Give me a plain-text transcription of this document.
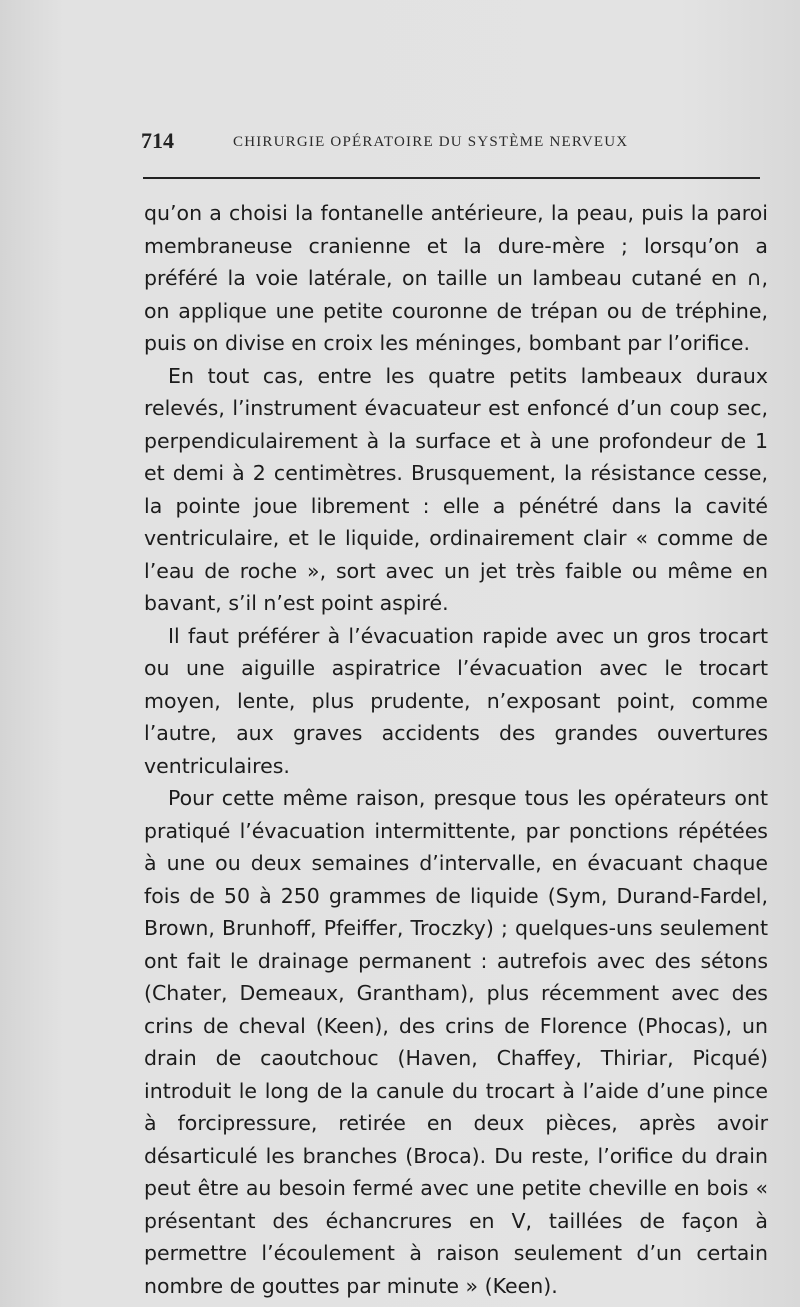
714	CHIRURGIE OPÉRATOIRE DU SYSTÈME NERVEUX

qu’on a choisi la fontanelle antérieure, la peau, puis la paroi membraneuse cranienne et la dure-mère ; lorsqu’on a préféré la voie latérale, on taille un lambeau cutané en ∩, on applique une petite couronne de trépan ou de tréphine, puis on divise en croix les méninges, bombant par l’orifice.

En tout cas, entre les quatre petits lambeaux duraux relevés, l’instrument évacuateur est enfoncé d’un coup sec, perpendiculairement à la surface et à une profondeur de 1 et demi à 2 centimètres. Brusquement, la résistance cesse, la pointe joue librement : elle a pénétré dans la cavité ventriculaire, et le liquide, ordinairement clair « comme de l’eau de roche », sort avec un jet très faible ou même en bavant, s’il n’est point aspiré.

Il faut préférer à l’évacuation rapide avec un gros trocart ou une aiguille aspiratrice l’évacuation avec le trocart moyen, lente, plus prudente, n’exposant point, comme l’autre, aux graves accidents des grandes ouvertures ventriculaires.

Pour cette même raison, presque tous les opérateurs ont pratiqué l’évacuation intermittente, par ponctions répétées à une ou deux semaines d’intervalle, en évacuant chaque fois de 50 à 250 grammes de liquide (Sym, Durand-Fardel, Brown, Brunhoff, Pfeiffer, Troczky) ; quelques-uns seulement ont fait le drainage permanent : autrefois avec des sétons (Chater, Demeaux, Grantham), plus récemment avec des crins de cheval (Keen), des crins de Florence (Phocas), un drain de caoutchouc (Haven, Chaffey, Thiriar, Picqué) introduit le long de la canule du trocart à l’aide d’une pince à forcipressure, retirée en deux pièces, après avoir désarticulé les branches (Broca). Du reste, l’orifice du drain peut être au besoin fermé avec une petite cheville en bois « présentant des échancrures en V, taillées de façon à permettre l’écoulement à raison seulement d’un certain nombre de gouttes par minute » (Keen).
